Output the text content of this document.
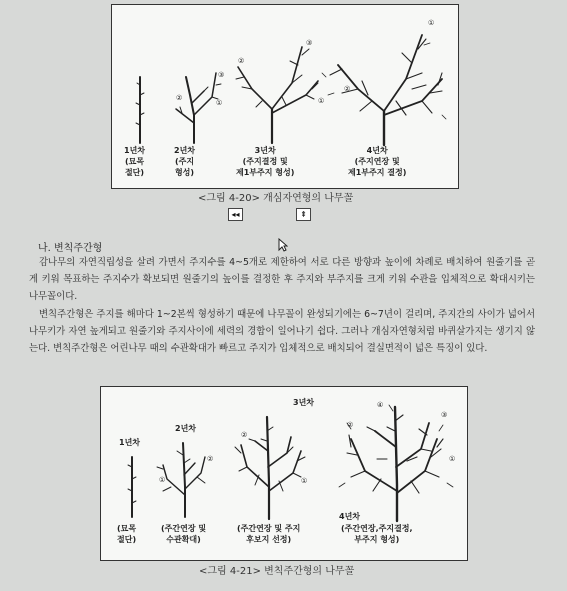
②
①
③
②
①
③
①
②
1년차
(묘목
절단)
2년차
(주지
형성)
3년차
(주지결정 및
제1부주지 형성)
4년차
(주지연장 및
제1부주지 결정)
<그림 4-20> 개심자연형의 나무꼴
◂◂	⇞
나. 변칙주간형
감나무의 자연직립성을 살려 가면서 주지수를 4~5개로 제한하여 서로 다른 방향과 높이에 차례로 배치하여 원줄기를 곧게 키워 목표하는 주지수가 확보되면 원줄기의 높이를 결정한 후 주지와 부주지를 크게 키워 수관을 입체적으로 확대시키는 나무꼴이다.
변칙주간형은 주지를 해마다 1~2본씩 형성하기 때문에 나무꼴이 완성되기에는 6~7년이 걸리며, 주지간의 사이가 넓어서 나무키가 자연 높게되고 원줄기와 주지사이에 세력의 경합이 일어나기 쉽다. 그러나 개심자연형처럼 바퀴살가지는 생기지 않는다. 변칙주간형은 어린나무 때의 수관확대가 빠르고 주지가 입체적으로 배치되어 결실면적이 넓은 특징이 있다.
①
②
②
①
④
③
②
①
1년차
2년차
3년차
4년차
(묘목
절단)
(주간연장 및
수관확대)
(주간연장 및 주지
후보지 선정)
(주간연장,주지결정,
부주지 형성)
<그림 4-21> 변칙주간형의 나무꼴
